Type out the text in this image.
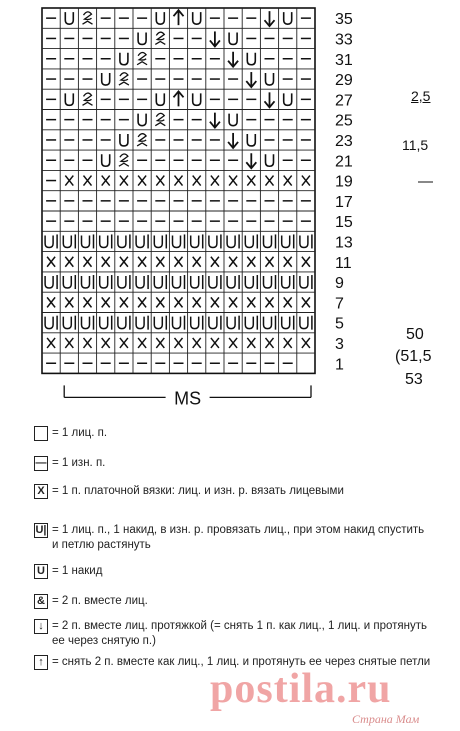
35
33
31
29
27
25
23
21
19
17
15
13
11
9
7
5
3
1
MS
2,5
11,5
—
50
(51,5
53
= 1 лиц. п.
— = 1 изн. п.
X = 1 п. платочной вязки: лиц. и изн. р. вязать лицевыми
U| = 1 лиц. п., 1 накид, в изн. р. провязать лиц., при этом накид спустить и петлю растянуть
U = 1 накид
& = 2 п. вместе лиц.
↓ = 2 п. вместе лиц. протяжкой (= снять 1 п. как лиц., 1 лиц. и протянуть ее через снятую п.)
↑ = снять 2 п. вместе как лиц., 1 лиц. и протянуть ее через снятые петли
postila.ru
Страна Мам
